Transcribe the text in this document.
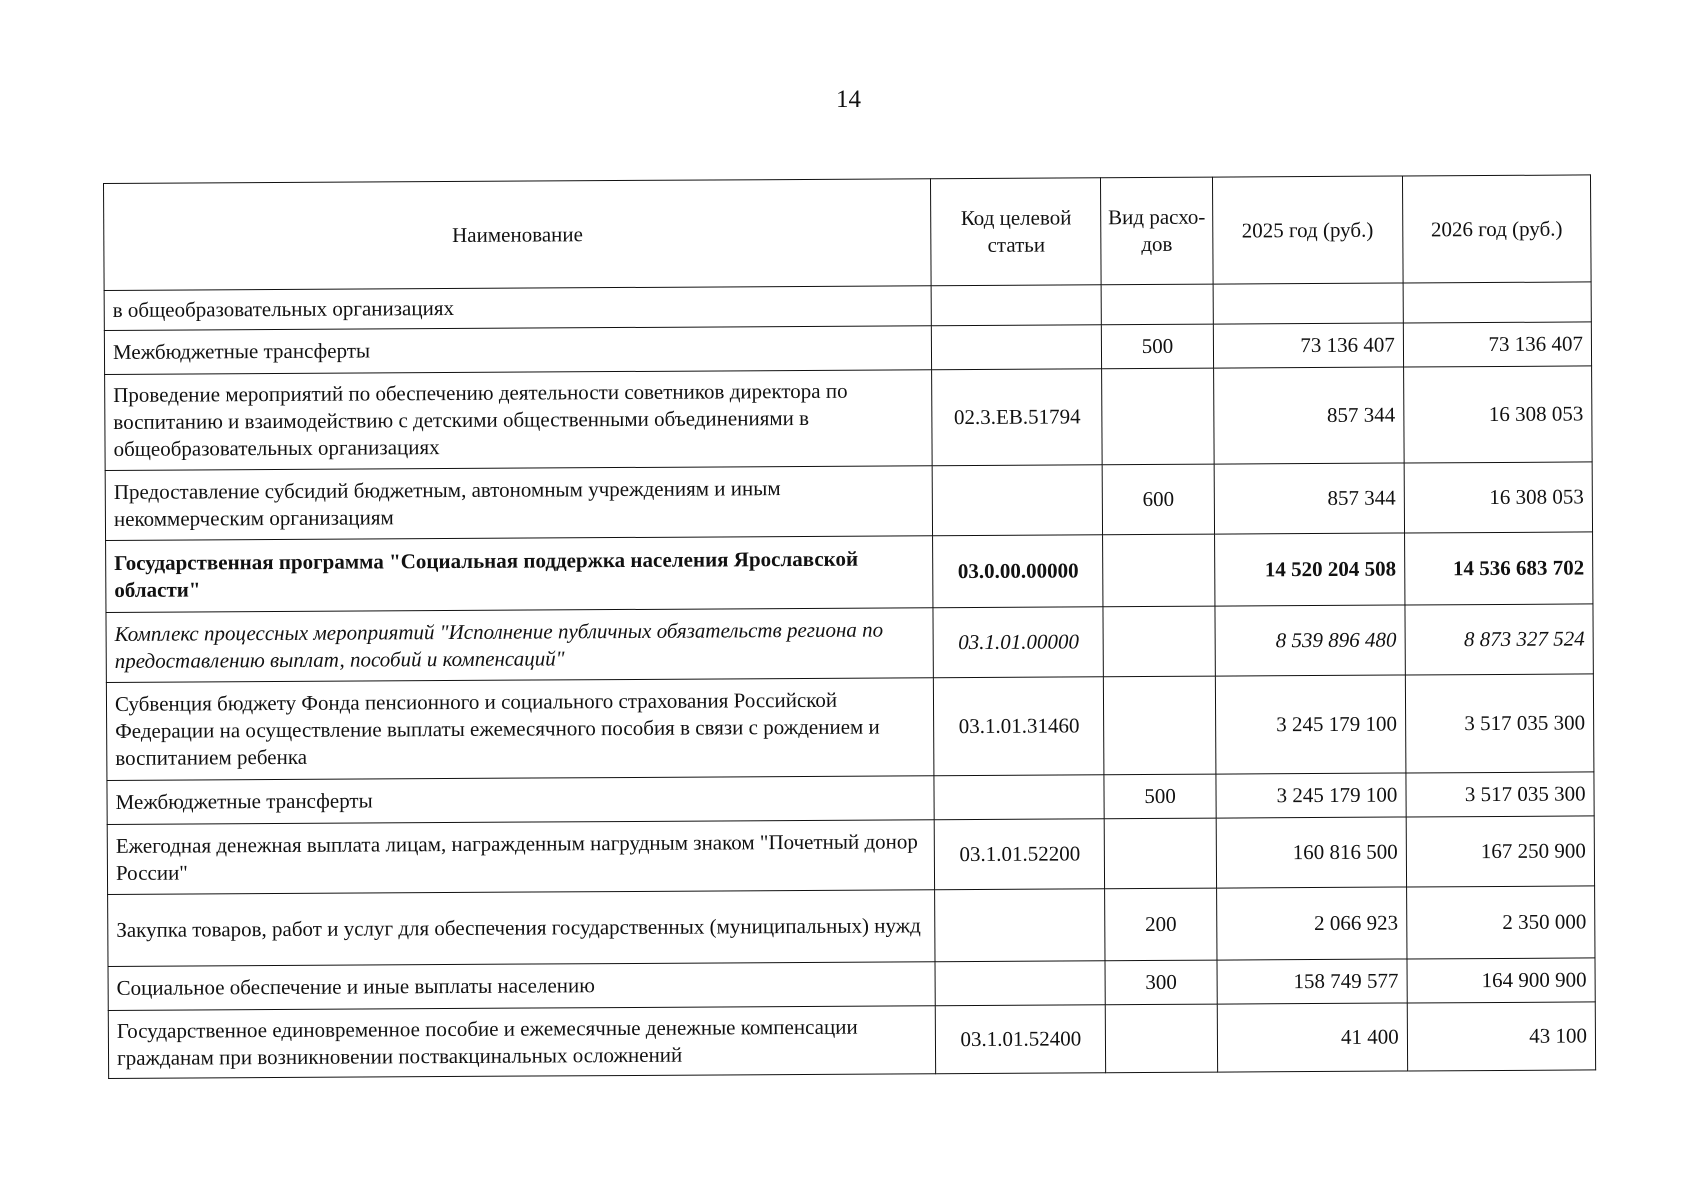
14
Наименование	Код целевой статьи	Вид расхо-дов	2025 год (руб.)	2026 год (руб.)
в общеобразовательных организациях				
Межбюджетные трансферты		500	73 136 407	73 136 407
Проведение мероприятий по обеспечению деятельности советников директора по воспитанию и взаимодействию с детскими общественными объединениями в общеобразовательных организациях	02.3.ЕВ.51794		857 344	16 308 053
Предоставление субсидий бюджетным, автономным учреждениям и иным некоммерческим организациям		600	857 344	16 308 053
Государственная программа "Социальная поддержка населения Ярославской области"	03.0.00.00000		14 520 204 508	14 536 683 702
Комплекс процессных мероприятий "Исполнение публичных обязательств региона по предоставлению выплат, пособий и компенсаций"	03.1.01.00000		8 539 896 480	8 873 327 524
Субвенция бюджету Фонда пенсионного и социального страхования Российской Федерации на осуществление выплаты ежемесячного пособия в связи с рождением и воспитанием ребенка	03.1.01.31460		3 245 179 100	3 517 035 300
Межбюджетные трансферты		500	3 245 179 100	3 517 035 300
Ежегодная денежная выплата лицам, награжденным нагрудным знаком "Почетный донор России"	03.1.01.52200		160 816 500	167 250 900
Закупка товаров, работ и услуг для обеспечения государственных (муниципальных) нужд		200	2 066 923	2 350 000
Социальное обеспечение и иные выплаты населению		300	158 749 577	164 900 900
Государственное единовременное пособие и ежемесячные денежные компенсации гражданам при возникновении поствакцинальных осложнений	03.1.01.52400		41 400	43 100
